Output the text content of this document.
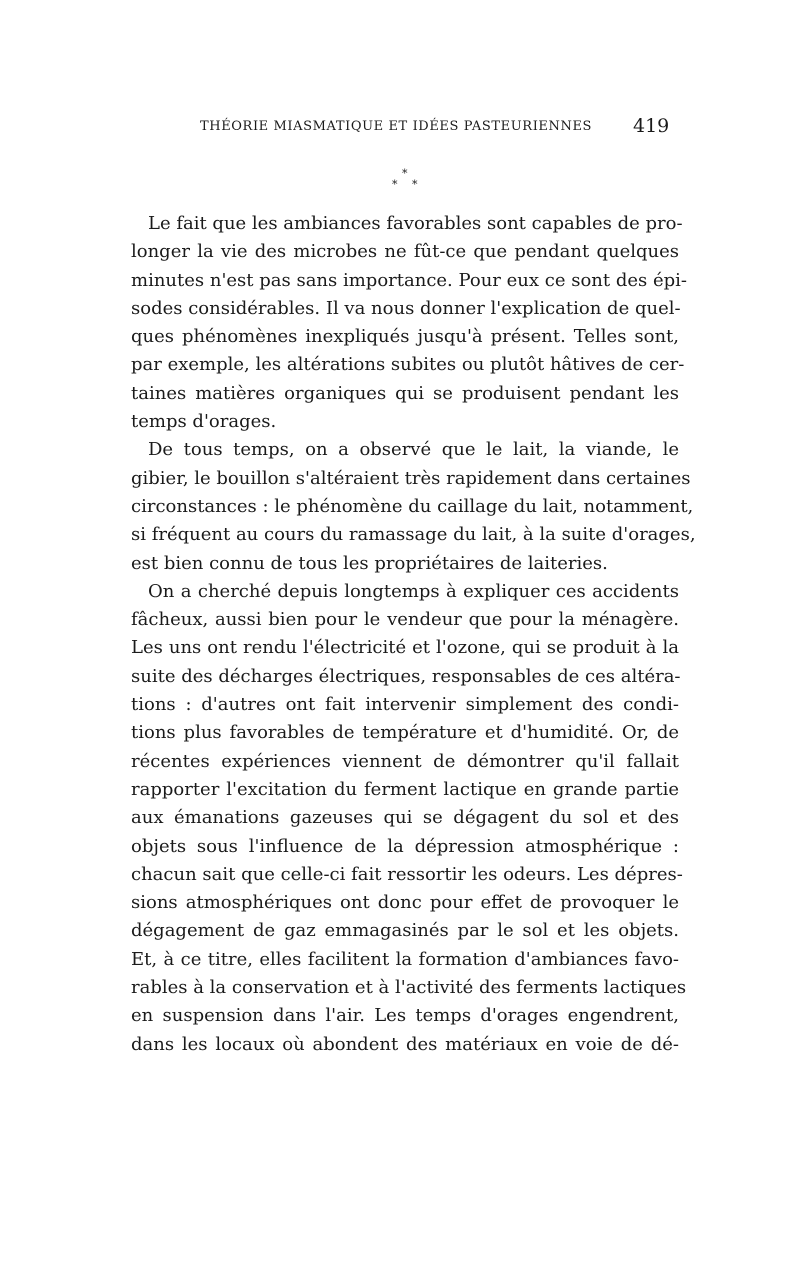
THÉORIE MIASMATIQUE ET IDÉES PASTEURIENNES 419
*
* *
Le fait que les ambiances favorables sont capables de pro-
longer la vie des microbes ne fût-ce que pendant quelques
minutes n'est pas sans importance. Pour eux ce sont des épi-
sodes considérables. Il va nous donner l'explication de quel-
ques phénomènes inexpliqués jusqu'à présent. Telles sont,
par exemple, les altérations subites ou plutôt hâtives de cer-
taines matières organiques qui se produisent pendant les
temps d'orages.
De tous temps, on a observé que le lait, la viande, le
gibier, le bouillon s'altéraient très rapidement dans certaines
circonstances : le phénomène du caillage du lait, notamment,
si fréquent au cours du ramassage du lait, à la suite d'orages,
est bien connu de tous les propriétaires de laiteries.
On a cherché depuis longtemps à expliquer ces accidents
fâcheux, aussi bien pour le vendeur que pour la ménagère.
Les uns ont rendu l'électricité et l'ozone, qui se produit à la
suite des décharges électriques, responsables de ces altéra-
tions : d'autres ont fait intervenir simplement des condi-
tions plus favorables de température et d'humidité. Or, de
récentes expériences viennent de démontrer qu'il fallait
rapporter l'excitation du ferment lactique en grande partie
aux émanations gazeuses qui se dégagent du sol et des
objets sous l'influence de la dépression atmosphérique :
chacun sait que celle-ci fait ressortir les odeurs. Les dépres-
sions atmosphériques ont donc pour effet de provoquer le
dégagement de gaz emmagasinés par le sol et les objets.
Et, à ce titre, elles facilitent la formation d'ambiances favo-
rables à la conservation et à l'activité des ferments lactiques
en suspension dans l'air. Les temps d'orages engendrent,
dans les locaux où abondent des matériaux en voie de dé-
